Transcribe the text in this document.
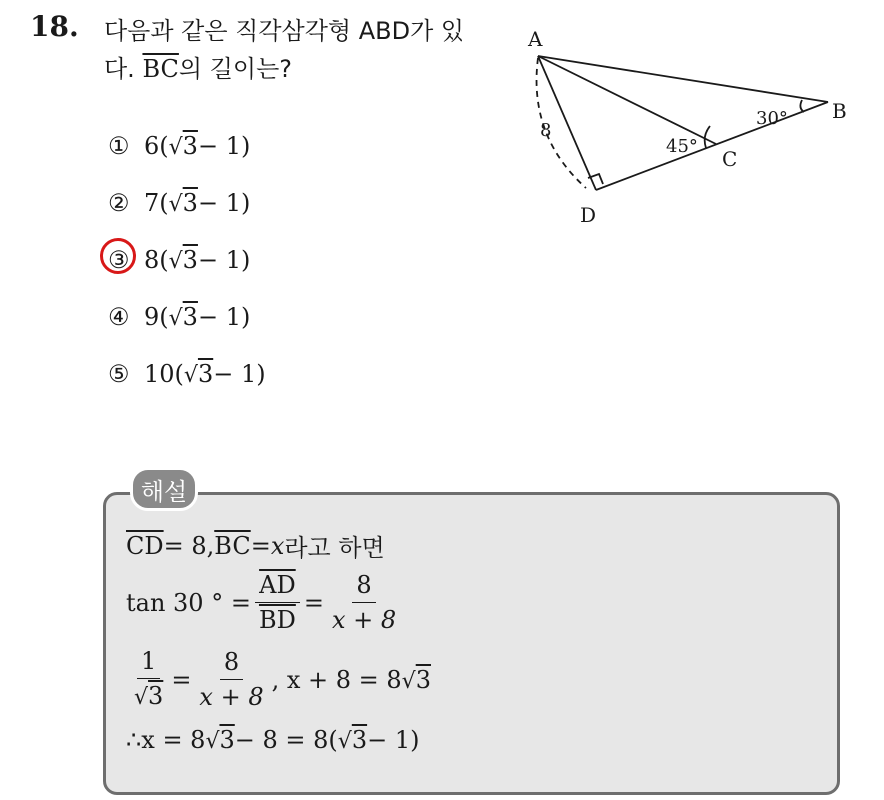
18. 다음과 같은 직각삼각형 ABD가 있
다. $\overline{BC}$의 길이는?
① 6( √3 − 1)
② 7( √3 − 1)
③ 8( √3 − 1)
④ 9( √3 − 1)
⑤ 10( √3 − 1)
A
B
C
D
8
45°
30°
해설
$\overline{CD} = 8$, $\overline{BC} = x$ 라고 하면
tan 30 ° = $\frac{\overline{AD}}{BD} = \frac{8}{x + 8}$
$\frac{1}{√3} = \frac{8}{x + 8}$ , x + 8 = 8 √3
∴ x = 8 √3 − 8 = 8( √3 − 1)
